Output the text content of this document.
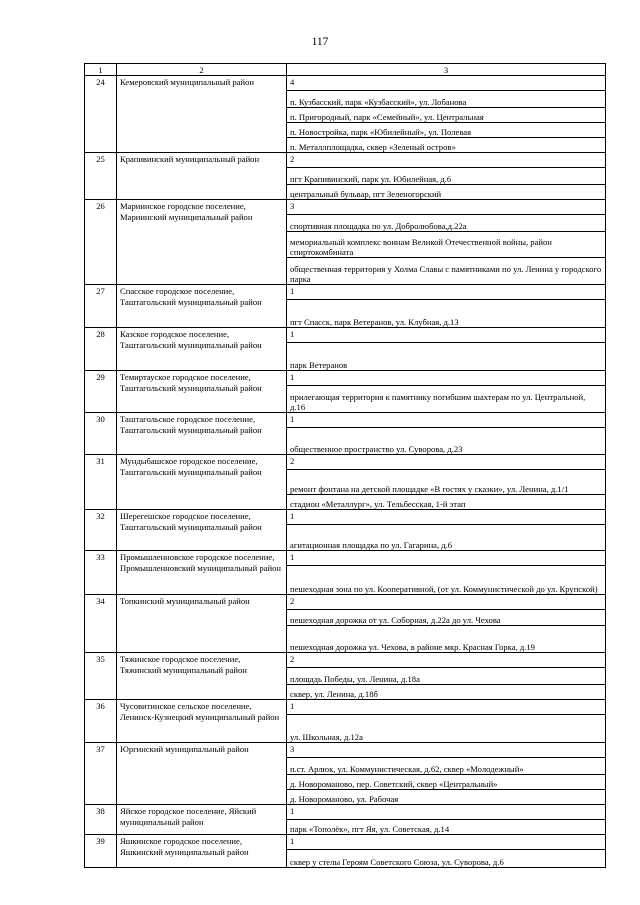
117
1	2	3
24	Кемеровский муниципальный район	4
		п. Кузбасский, парк «Кузбасский», ул. Лобанова
		п. Пригородный, парк «Семейный», ул. Центральная
		п. Новостройка, парк «Юбилейный», ул. Полевая
		п. Металлплощадка, сквер «Зеленый остров»
25	Крапивинский муниципальный район	2
		пгт Крапивинский, парк ул. Юбилейная, д.6
		центральный бульвар, пгт Зеленогорский
26	Мариинское городское поселение, Мариинский муниципальный район	3
		спортивная площадка по ул. Добролюбова,д.22а
		мемориальный комплекс воинам Великой Отечественной войны, район спиртокомбината
		общественная территория у Холма Славы с памятниками по ул. Ленина у городского парка
27	Спасское городское поселение, Таштагольский муниципальный район	1
		пгт Спасск, парк Ветеранов, ул. Клубная, д.13
28	Казское городское поселение, Таштагольский муниципальный район	1
		парк Ветеранов
29	Темиртауское городское поселение, Таштагольский муниципальный район	1
		прилегающая территория к памятнику погибшим шахтерам по ул. Центральной, д.16
30	Таштагольское городское поселение, Таштагольский муниципальный район	1
		общественное пространство ул. Суворова, д.23
31	Мундыбашское городское поселение, Таштагольский муниципальный район	2
		ремонт фонтана на детской площадке «В гостях у сказки», ул. Ленина, д.1/1
		стадион «Металлург», ул. Тельбесская, 1-й этап
32	Шерегешское городское поселение, Таштагольский муниципальный район	1
		агитационная площадка по ул. Гагарина, д.6
33	Промышленновское городское поселение, Промышленновский муниципальный район	1
		пешеходная зона по ул. Кооперативной, (от ул. Коммунистической до ул. Крупской)
34	Топкинский муниципальный район	2
		пешеходная дорожка от ул. Соборная, д.22а до ул. Чехова
		пешеходная дорожка ул. Чехова, в районе мкр. Красная Горка, д.19
35	Тяжинское городское поселение, Тяжинский муниципальный район	2
		площадь Победы, ул. Ленина, д.18а
		сквер, ул. Ленина, д.18б
36	Чусовитинское сельское поселение, Ленинск-Кузнецкий муниципальный район	1
		ул. Школьная, д.12а
37	Юргинский муниципальный район	3
		п.ст. Арлюк, ул. Коммунистическая, д.62, сквер «Молодежный»
		д. Новороманово, пер. Советский, сквер «Центральный»
		д. Новороманово, ул. Рабочая
38	Яйское городское поселение, Яйский муниципальный район	1
		парк «Тополёк», пгт Яя, ул. Советская, д.14
39	Яшкинское городское поселение, Яшкинский муниципальный район	1
		сквер у стелы Героям Советского Союза, ул. Суворова, д.6
